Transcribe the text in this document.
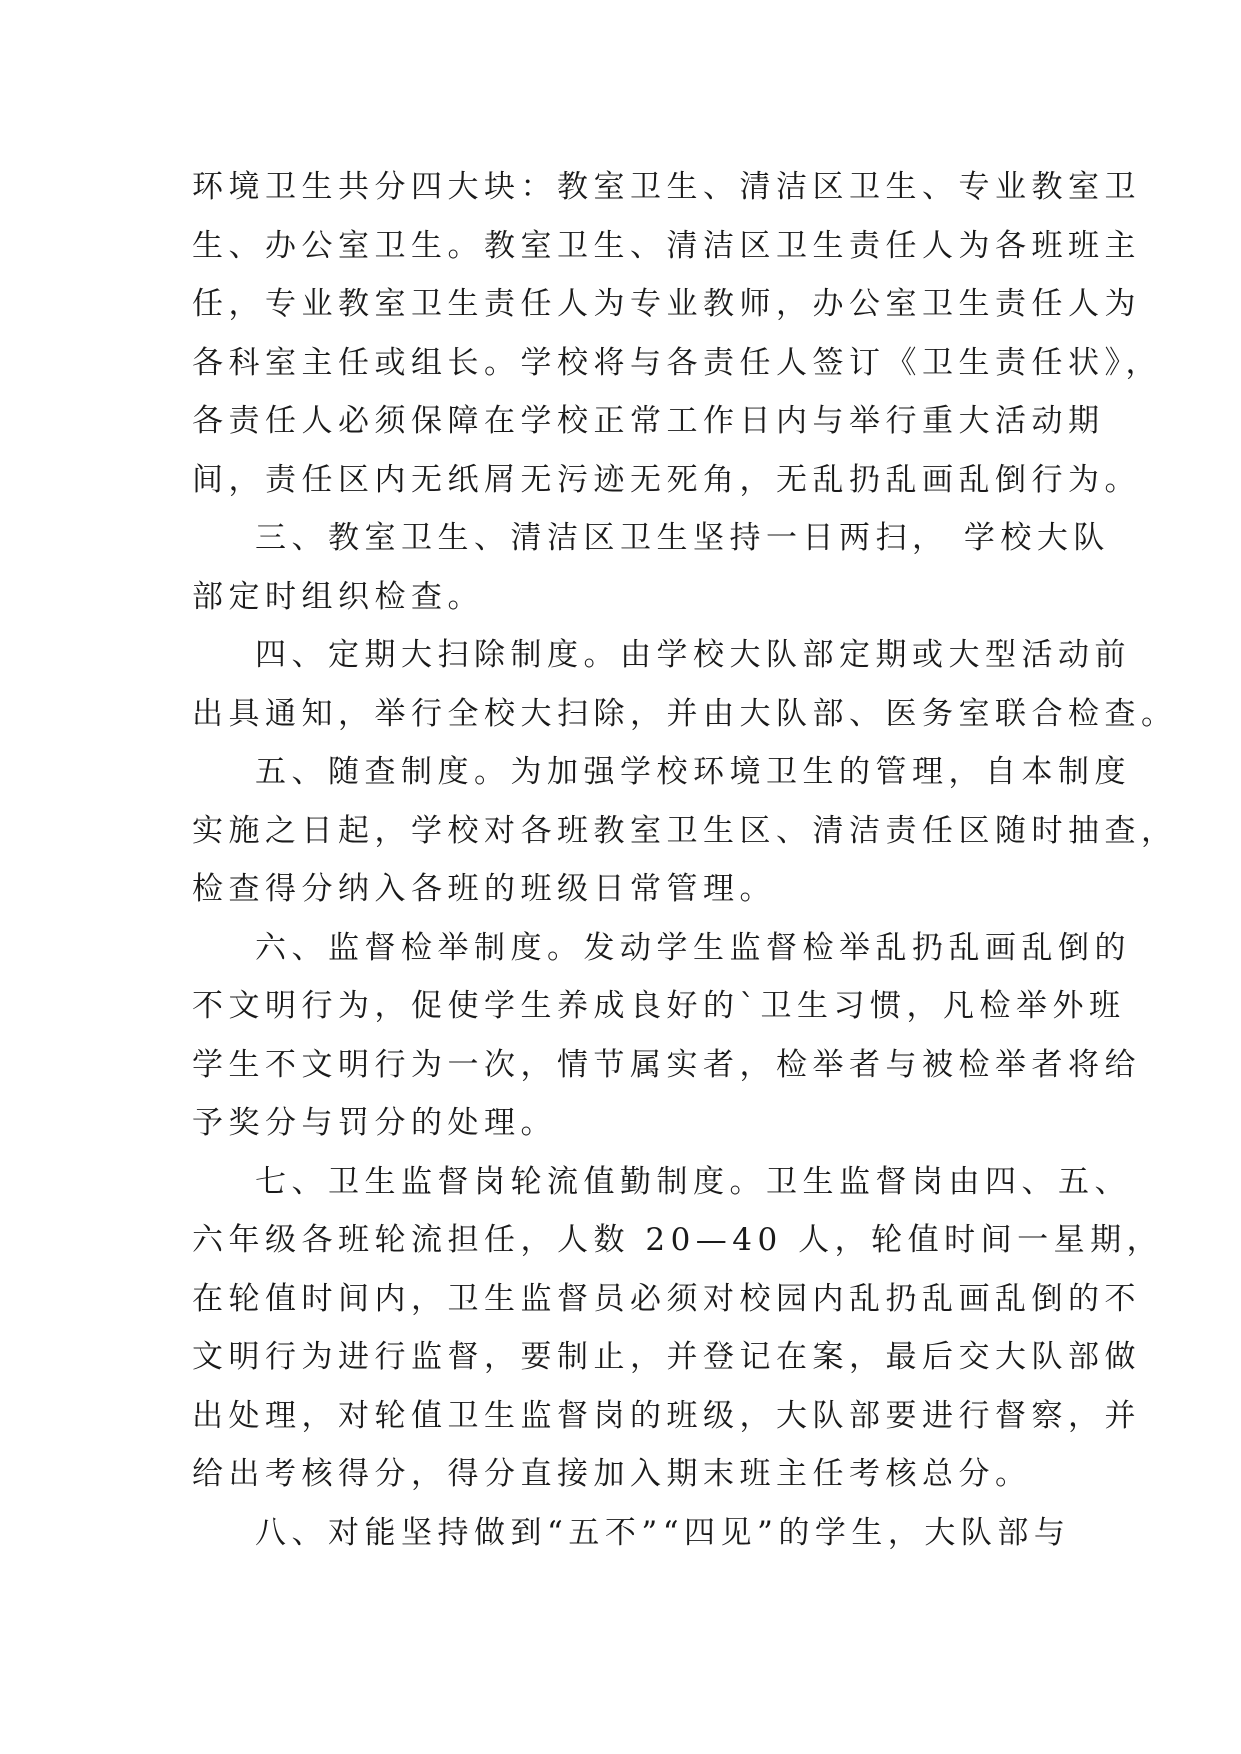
环境卫生共分四大块：教室卫生、清洁区卫生、专业教室卫
生、办公室卫生。教室卫生、清洁区卫生责任人为各班班主
任，专业教室卫生责任人为专业教师，办公室卫生责任人为
各科室主任或组长。学校将与各责任人签订《卫生责任状》，
各责任人必须保障在学校正常工作日内与举行重大活动期
间，责任区内无纸屑无污迹无死角，无乱扔乱画乱倒行为。
三、教室卫生、清洁区卫生坚持一日两扫， 学校大队
部定时组织检查。
四、定期大扫除制度。由学校大队部定期或大型活动前
出具通知，举行全校大扫除，并由大队部、医务室联合检查。
五、随查制度。为加强学校环境卫生的管理，自本制度
实施之日起，学校对各班教室卫生区、清洁责任区随时抽查，
检查得分纳入各班的班级日常管理。
六、监督检举制度。发动学生监督检举乱扔乱画乱倒的
不文明行为，促使学生养成良好的`卫生习惯，凡检举外班
学生不文明行为一次，情节属实者，检举者与被检举者将给
予奖分与罚分的处理。
七、卫生监督岗轮流值勤制度。卫生监督岗由四、五、
六年级各班轮流担任，人数 20—40 人，轮值时间一星期，
在轮值时间内，卫生监督员必须对校园内乱扔乱画乱倒的不
文明行为进行监督，要制止，并登记在案，最后交大队部做
出处理，对轮值卫生监督岗的班级，大队部要进行督察，并
给出考核得分，得分直接加入期末班主任考核总分。
八、对能坚持做到“五不”“四见”的学生，大队部与
